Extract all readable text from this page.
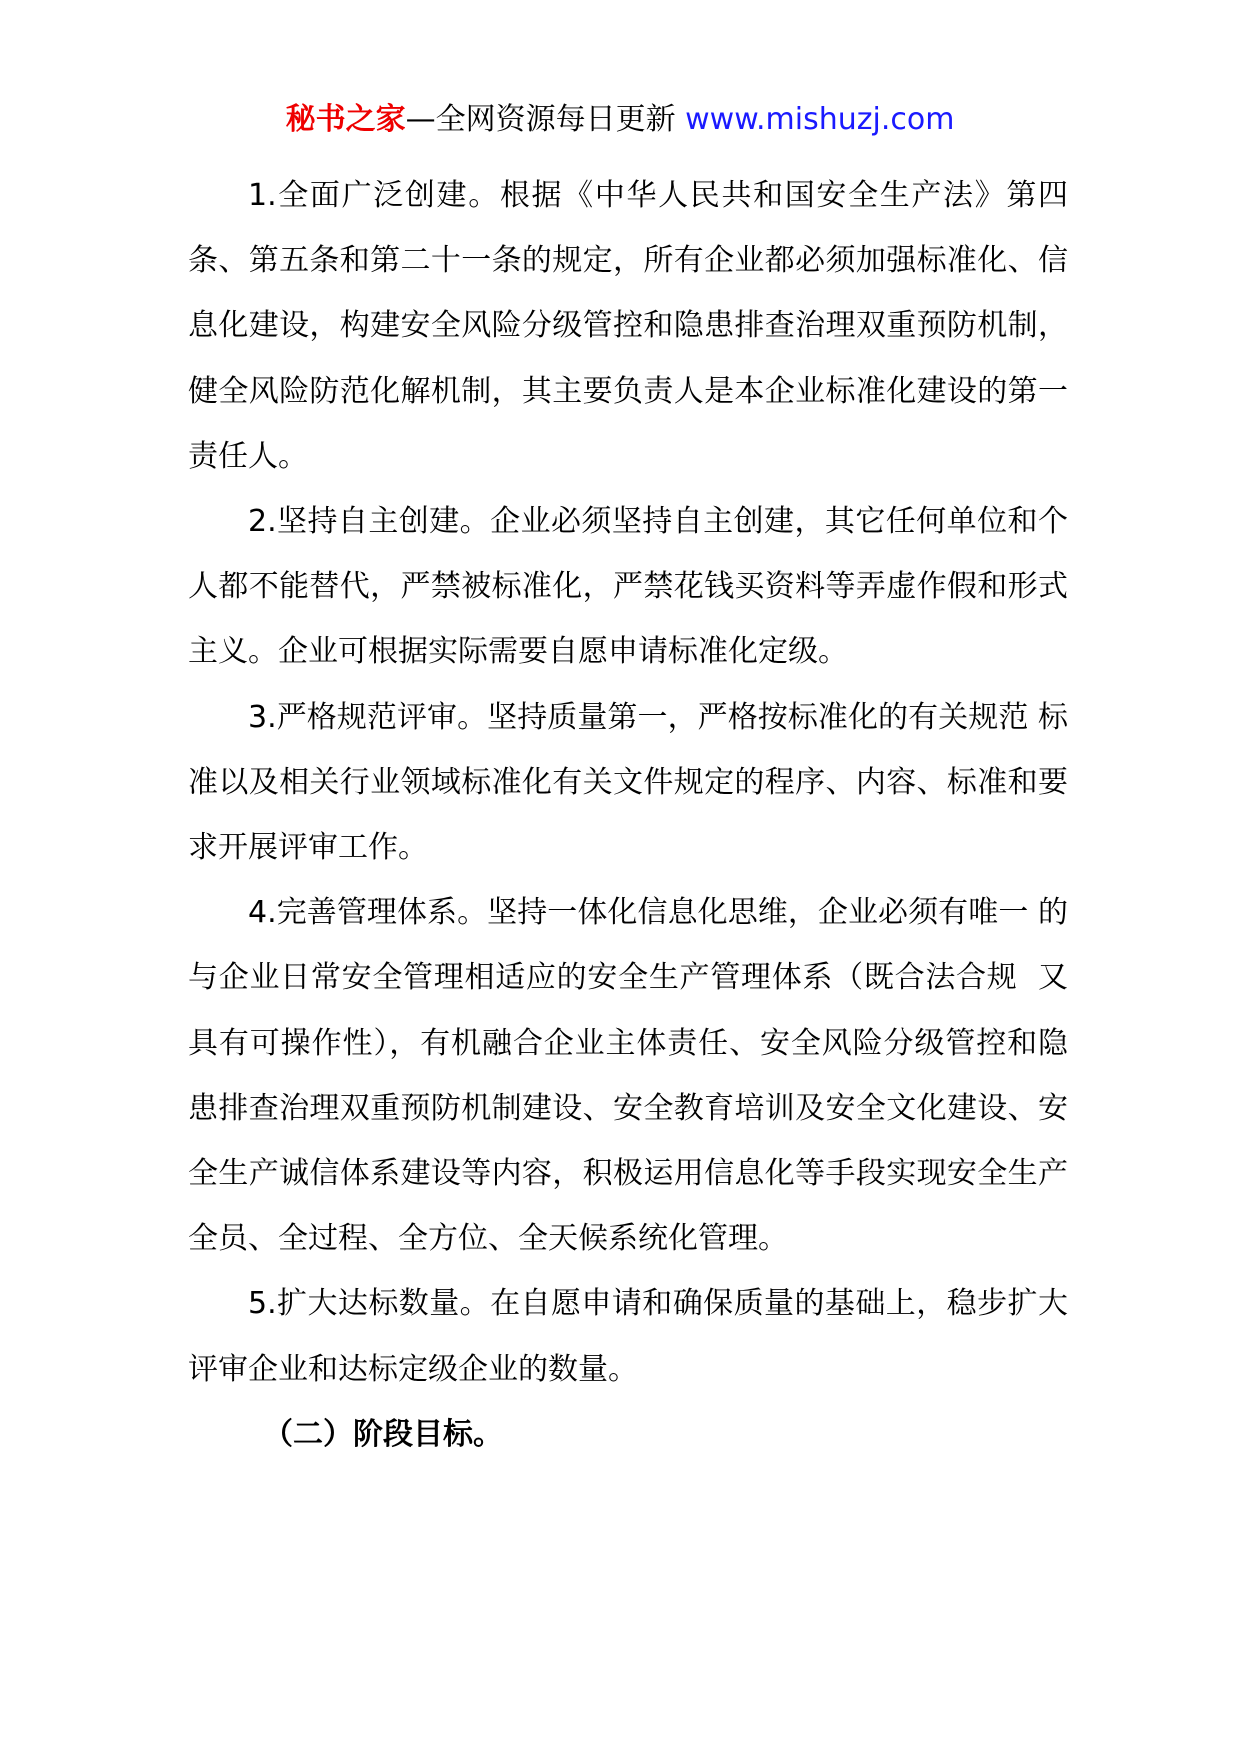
秘书之家—全网资源每日更新 www.mishuzj.com

1.全面广泛创建。根据《中华人民共和国安全生产法》第四条、第五条和第二十一条的规定，所有企业都必须加强标准化、信息化建设，构建安全风险分级管控和隐患排查治理双重预防机制，健全风险防范化解机制，其主要负责人是本企业标准化建设的第一责任人。

2.坚持自主创建。企业必须坚持自主创建，其它任何单位和个人都不能替代，严禁被标准化，严禁花钱买资料等弄虚作假和形式主义。企业可根据实际需要自愿申请标准化定级。

3.严格规范评审。坚持质量第一，严格按标准化的有关规范 标准以及相关行业领域标准化有关文件规定的程序、内容、标准和要求开展评审工作。

4.完善管理体系。坚持一体化信息化思维，企业必须有唯一 的与企业日常安全管理相适应的安全生产管理体系（既合法合规  又具有可操作性），有机融合企业主体责任、安全风险分级管控和隐患排查治理双重预防机制建设、安全教育培训及安全文化建设、安全生产诚信体系建设等内容，积极运用信息化等手段实现安全生产全员、全过程、全方位、全天候系统化管理。

5.扩大达标数量。在自愿申请和确保质量的基础上，稳步扩大评审企业和达标定级企业的数量。

（二）阶段目标。
